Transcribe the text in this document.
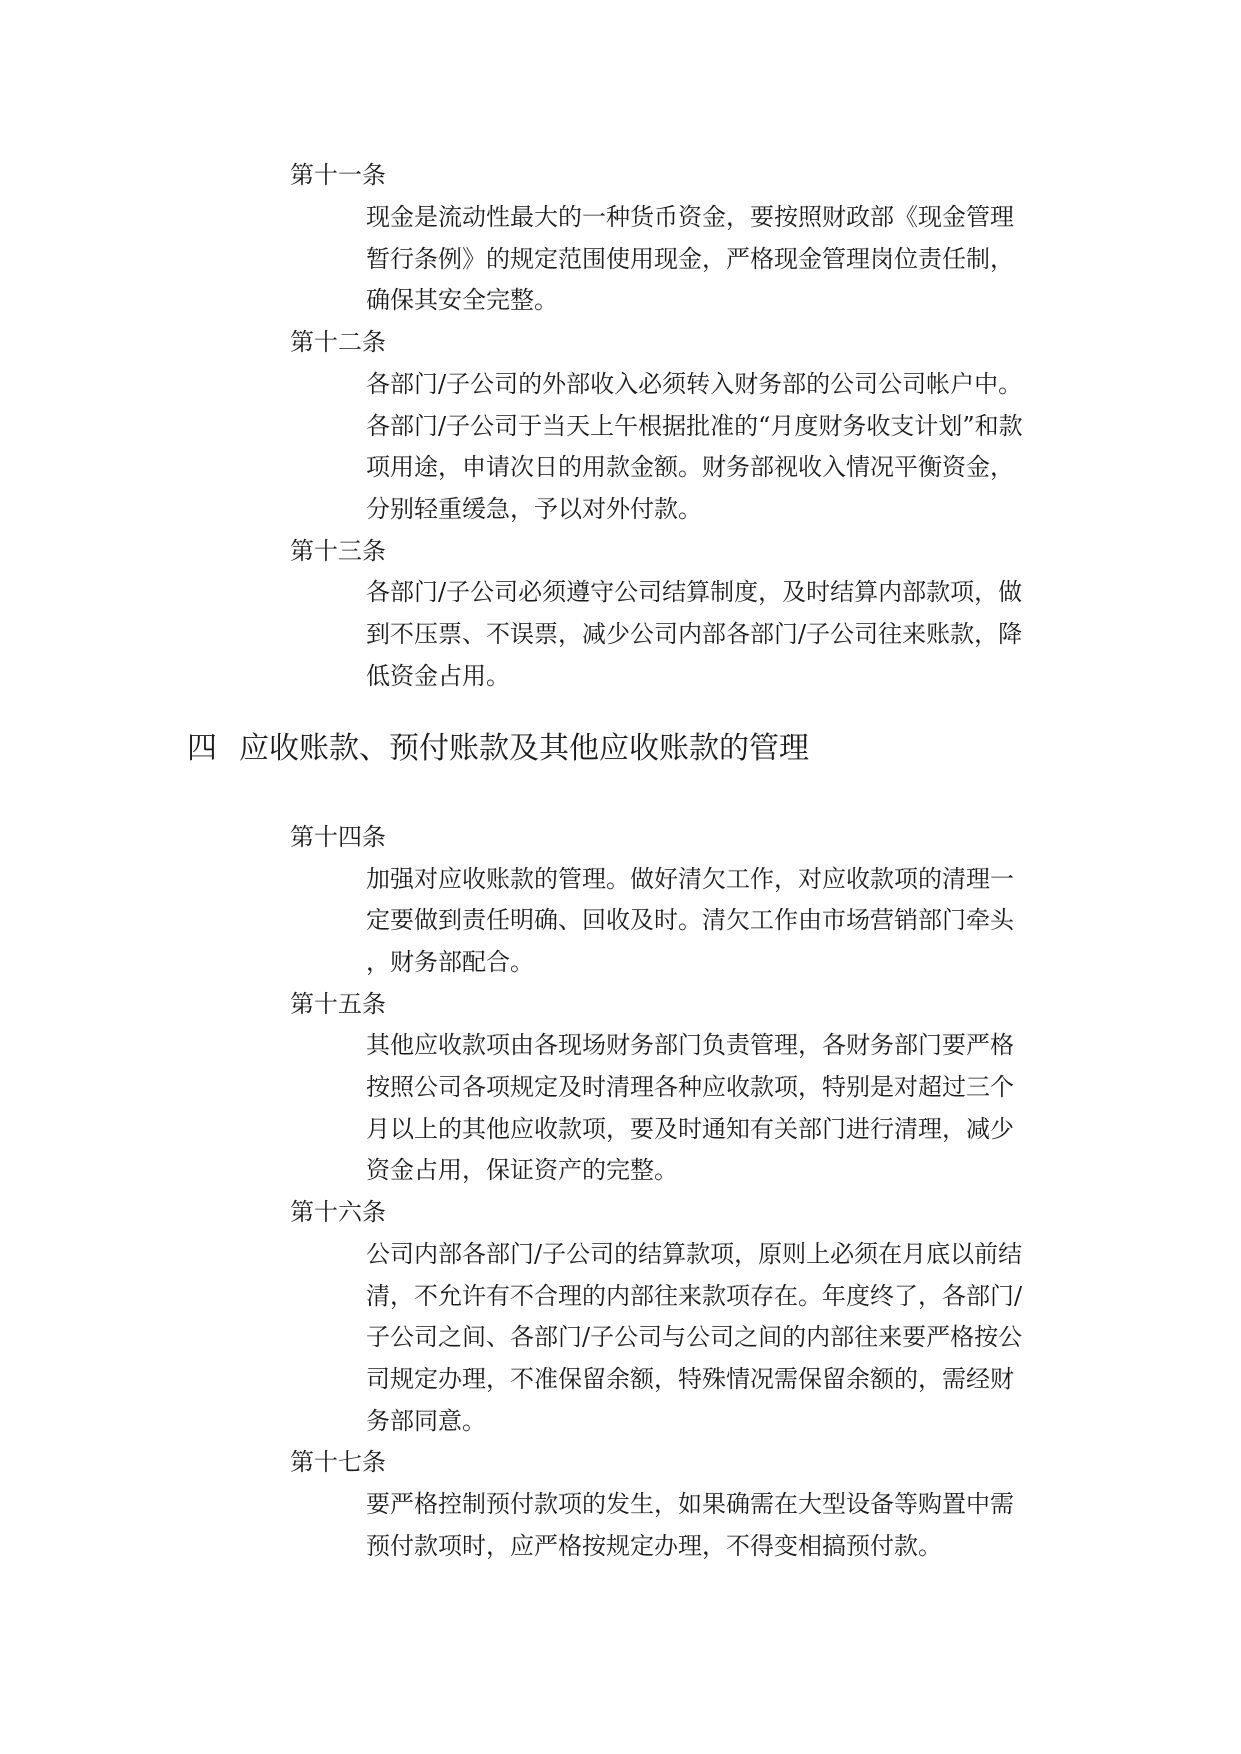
第十一条
现金是流动性最大的一种货币资金，要按照财政部《现金管理
暂行条例》的规定范围使用现金，严格现金管理岗位责任制，
确保其安全完整。
第十二条
各部门/子公司的外部收入必须转入财务部的公司公司帐户中。
各部门/子公司于当天上午根据批准的“月度财务收支计划”和款
项用途，申请次日的用款金额。财务部视收入情况平衡资金，
分别轻重缓急，予以对外付款。
第十三条
各部门/子公司必须遵守公司结算制度，及时结算内部款项，做
到不压票、不误票，减少公司内部各部门/子公司往来账款，降
低资金占用。
四 应收账款、预付账款及其他应收账款的管理
第十四条
加强对应收账款的管理。做好清欠工作，对应收款项的清理一
定要做到责任明确、回收及时。清欠工作由市场营销部门牵头
，财务部配合。
第十五条
其他应收款项由各现场财务部门负责管理，各财务部门要严格
按照公司各项规定及时清理各种应收款项，特别是对超过三个
月以上的其他应收款项，要及时通知有关部门进行清理，减少
资金占用，保证资产的完整。
第十六条
公司内部各部门/子公司的结算款项，原则上必须在月底以前结
清，不允许有不合理的内部往来款项存在。年度终了，各部门/
子公司之间、各部门/子公司与公司之间的内部往来要严格按公
司规定办理，不准保留余额，特殊情况需保留余额的，需经财
务部同意。
第十七条
要严格控制预付款项的发生，如果确需在大型设备等购置中需
预付款项时，应严格按规定办理，不得变相搞预付款。
